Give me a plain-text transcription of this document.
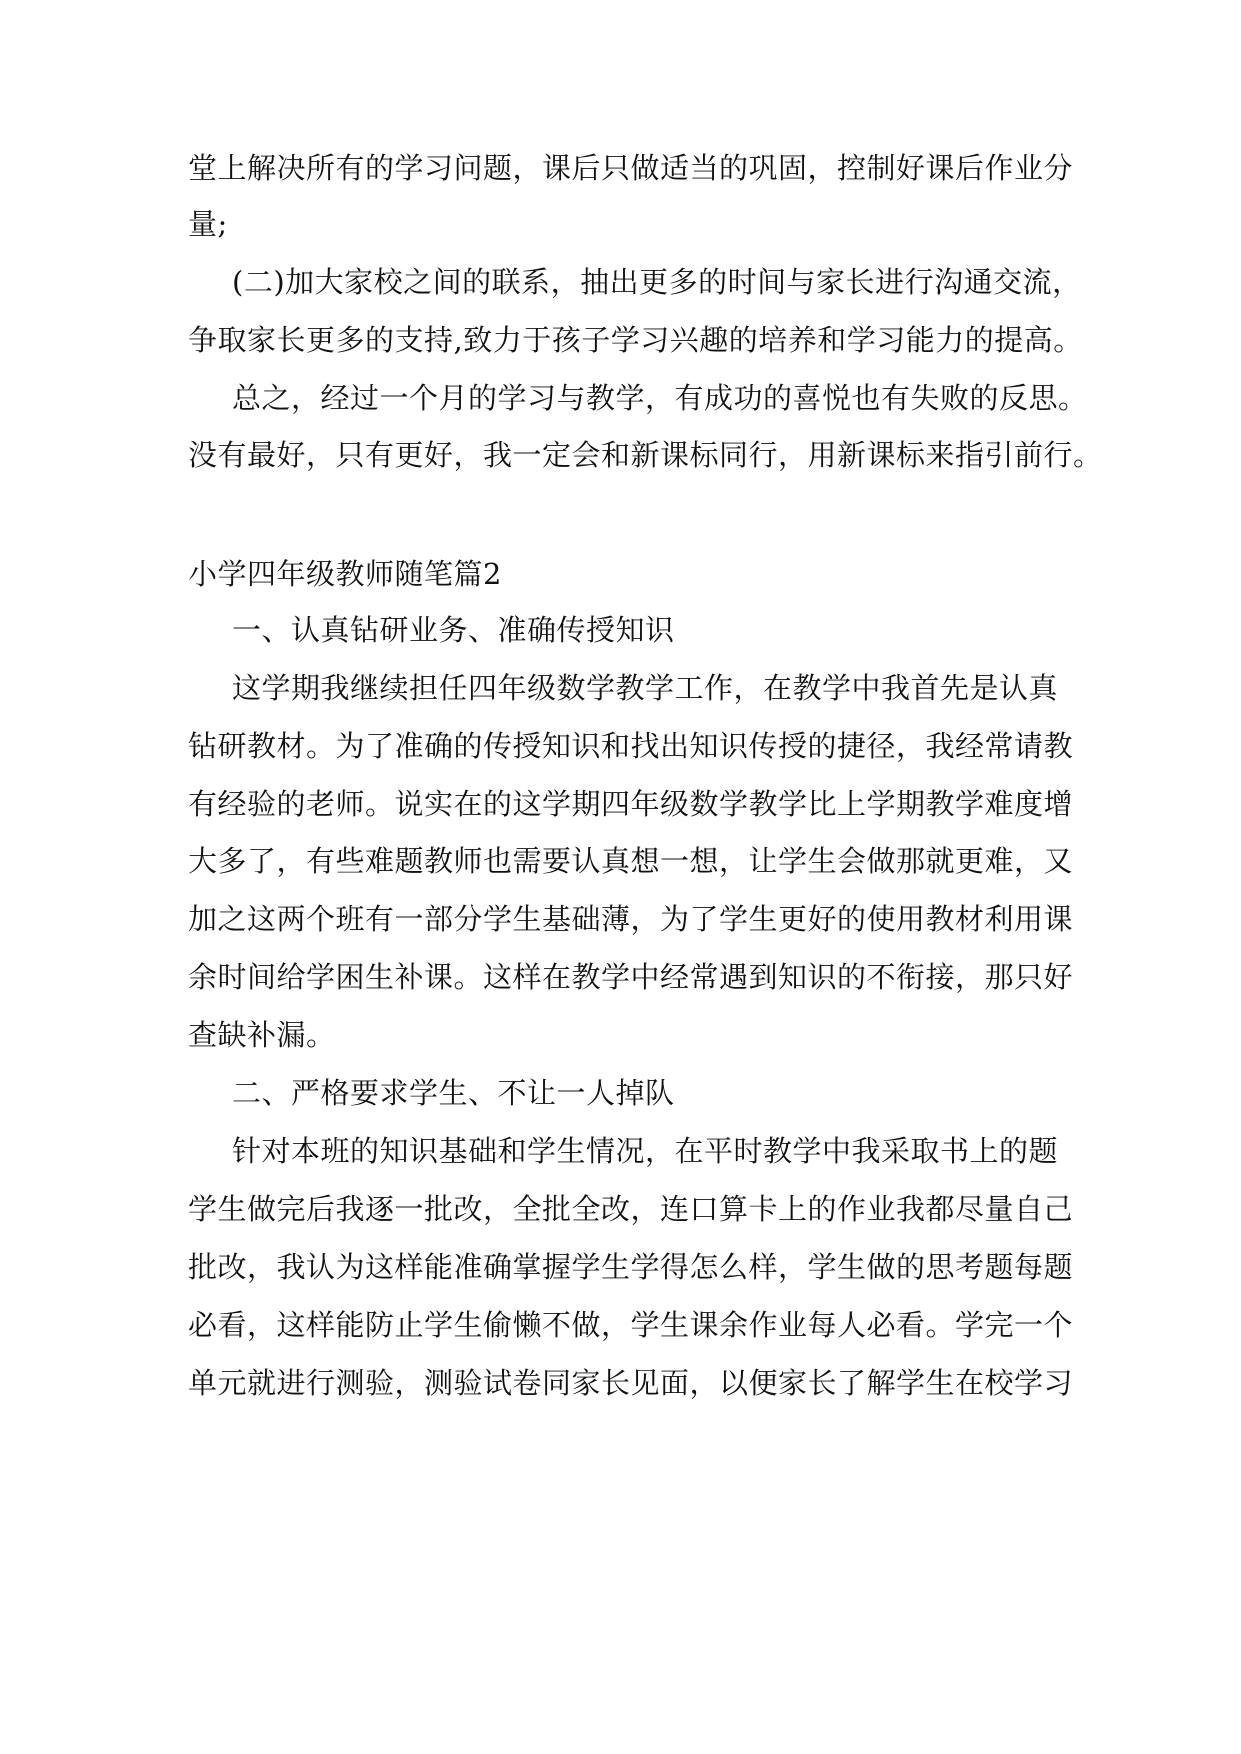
堂上解决所有的学习问题，课后只做适当的巩固，控制好课后作业分
量;
(二)加大家校之间的联系，抽出更多的时间与家长进行沟通交流，
争取家长更多的支持,致力于孩子学习兴趣的培养和学习能力的提高。
总之，经过一个月的学习与教学，有成功的喜悦也有失败的反思。
没有最好，只有更好，我一定会和新课标同行，用新课标来指引前行。
小学四年级教师随笔篇2
一、认真钻研业务、准确传授知识
这学期我继续担任四年级数学教学工作，在教学中我首先是认真
钻研教材。为了准确的传授知识和找出知识传授的捷径，我经常请教
有经验的老师。说实在的这学期四年级数学教学比上学期教学难度增
大多了，有些难题教师也需要认真想一想，让学生会做那就更难，又
加之这两个班有一部分学生基础薄，为了学生更好的使用教材利用课
余时间给学困生补课。这样在教学中经常遇到知识的不衔接，那只好
查缺补漏。
二、严格要求学生、不让一人掉队
针对本班的知识基础和学生情况，在平时教学中我采取书上的题
学生做完后我逐一批改，全批全改，连口算卡上的作业我都尽量自己
批改，我认为这样能准确掌握学生学得怎么样，学生做的思考题每题
必看，这样能防止学生偷懒不做，学生课余作业每人必看。学完一个
单元就进行测验，测验试卷同家长见面，以便家长了解学生在校学习
